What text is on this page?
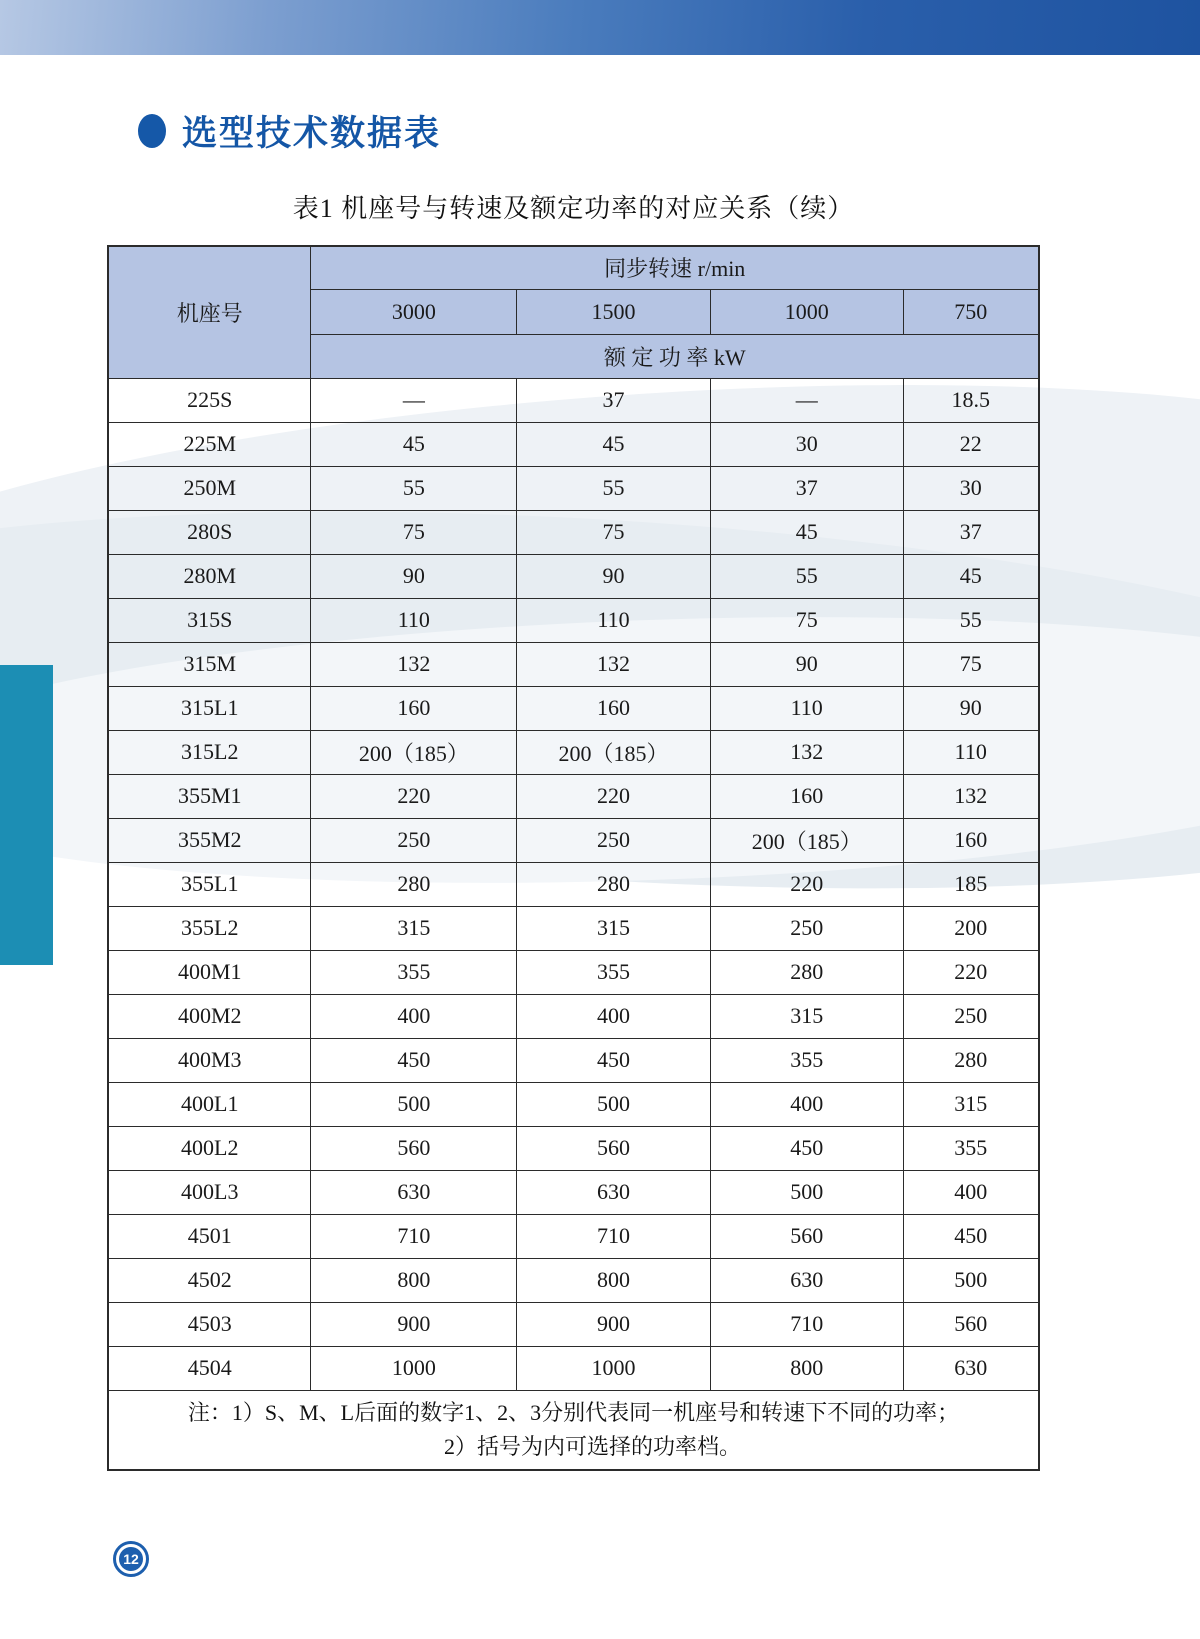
选型技术数据表
表1 机座号与转速及额定功率的对应关系（续）
机座号	同步转速 r/min			
	3000	1500	1000	750
	额 定 功 率 kW			
225S	—	37	—	18.5
225M	45	45	30	22
250M	55	55	37	30
280S	75	75	45	37
280M	90	90	55	45
315S	110	110	75	55
315M	132	132	90	75
315L1	160	160	110	90
315L2	200（185）	200（185）	132	110
355M1	220	220	160	132
355M2	250	250	200（185）	160
355L1	280	280	220	185
355L2	315	315	250	200
400M1	355	355	280	220
400M2	400	400	315	250
400M3	450	450	355	280
400L1	500	500	400	315
400L2	560	560	450	355
400L3	630	630	500	400
4501	710	710	560	450
4502	800	800	630	500
4503	900	900	710	560
4504	1000	1000	800	630

注：1）S、M、L后面的数字1、2、3分别代表同一机座号和转速下不同的功率；
2）括号为内可选择的功率档。				
12
